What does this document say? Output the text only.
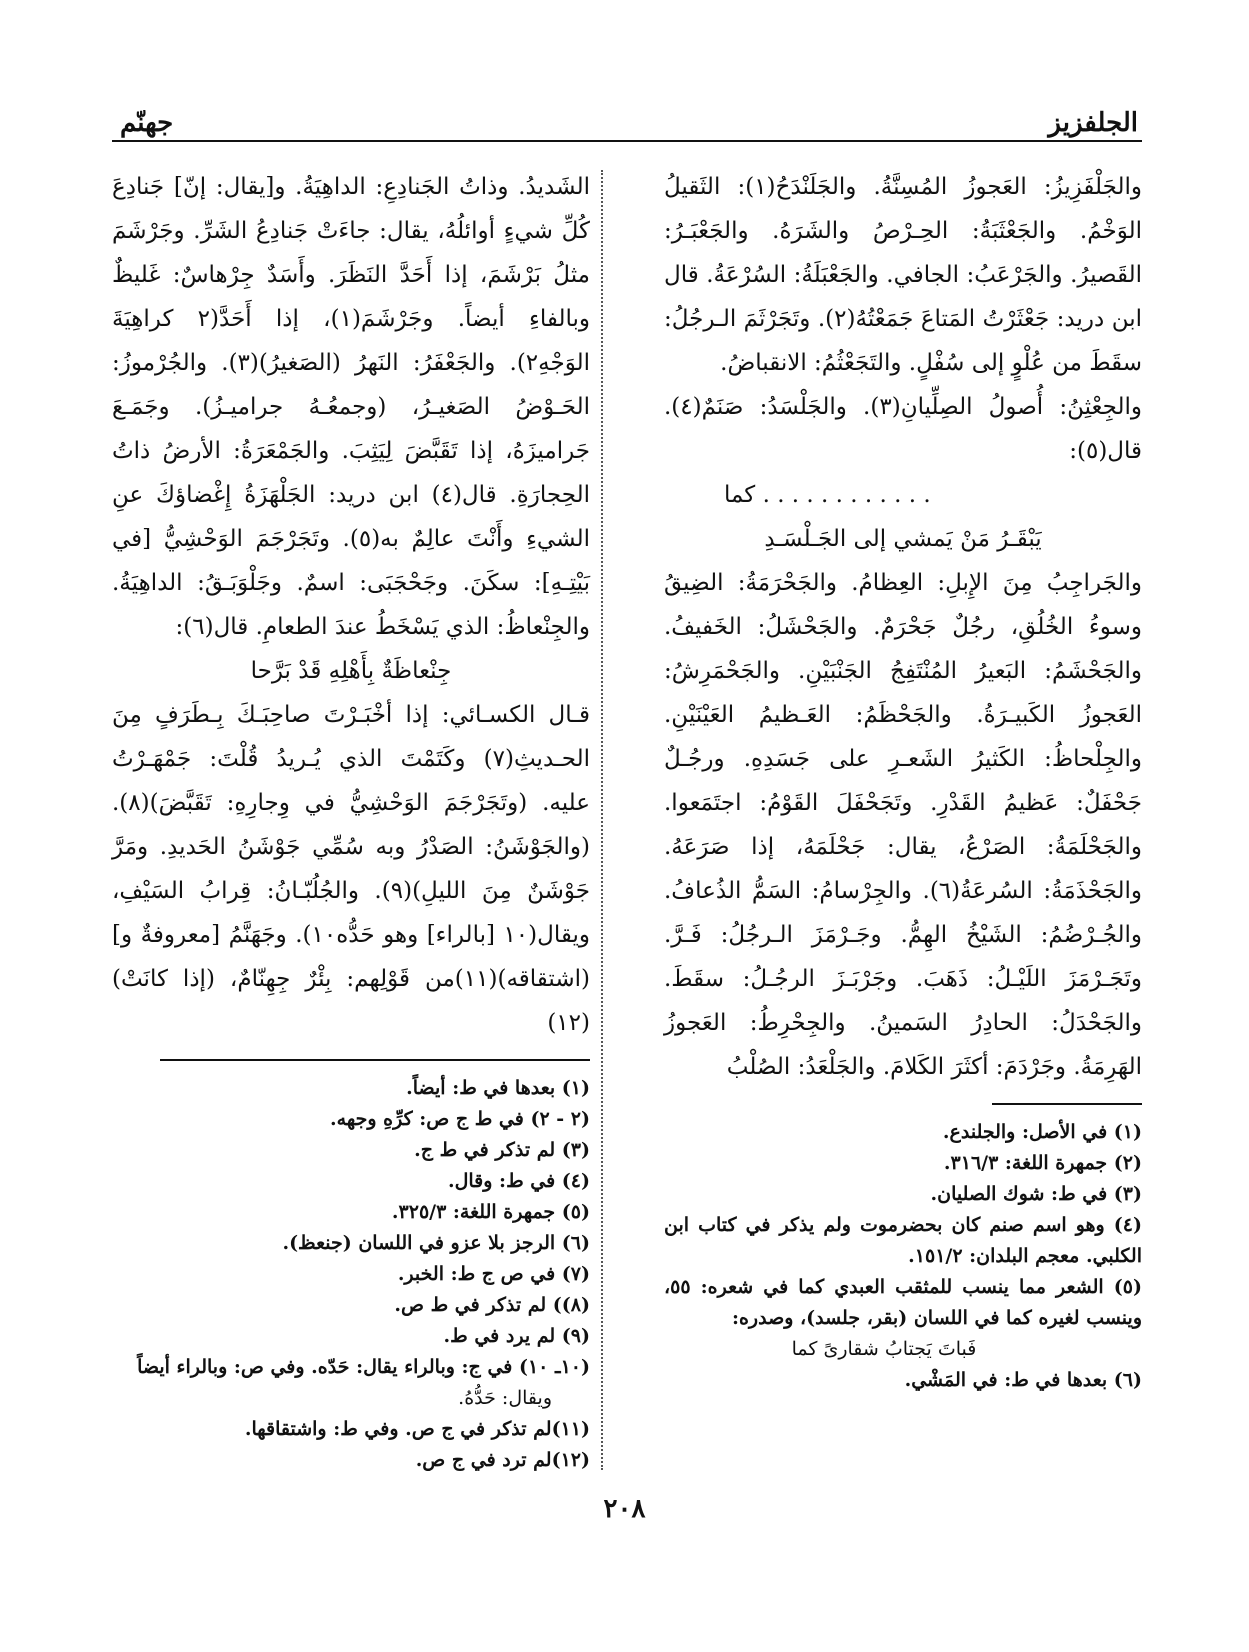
الجلفزيز
جهنّم

والجَلْفَزِيزُ: العَجوزُ المُسِنَّةُ. والجَلَنْدَحُ(١): الثَقيلُ الوَخْمُ. والجَعْثَبَةُ: الحِـرْصُ والشَرَهُ. والجَعْبَـرُ: القَصيرُ. والجَرْعَبُ: الجافي. والجَعْبَلَةُ: السُرْعَةُ. قال ابن دريد: جَعْثَرْتُ المَتاعَ جَمَعْتُهُ(٢). وتَجَرْثَمَ الـرجُلُ: سقَطَ من عُلْوٍ إلى سُفْلٍ. والتَجَعْثُمُ: الانقباضُ.

والجِعْثِنُ: أُصولُ الصِلِّيانِ(٣). والجَلْسَدُ: صَنَمٌ(٤). قال(٥):

. . . . . . . . . . . . كما
يَبْقَـرُ مَنْ يَمشي إلى الجَـلْسَـدِ

والجَراجِبُ مِنَ الإِبلِ: العِظامُ. والجَحْرَمَةُ: الضِيقُ وسوءُ الخُلُقِ، رجُلٌ جَحْرَمٌ. والجَحْشَلُ: الخَفيفُ. والجَحْشَمُ: البَعيرُ المُنْتَفِجُ الجَنْبَيْنِ. والجَحْمَرِشُ: العَجوزُ الكَبيـرَةُ. والجَحْظَمُ: العَـظيمُ العَيْنَيْنِ. والجِلْحاظُ: الكَثيرُ الشَعـرِ على جَسَدِهِ. ورجُـلٌ جَحْفَلٌ: عَظيمُ القَدْرِ. وتَجَحْفَلَ القَوْمُ: اجتَمَعوا. والجَحْلَمَةُ: الصَرْعُ، يقال: جَحْلَمَهُ، إذا صَرَعَهُ. والجَحْذَمَةُ: السُرعَةُ(٦). والجِرْسامُ: السَمُّ الذُعافُ. والجُـرْضُمُ: الشَيْخُ الهِمُّ. وجَـرْمَزَ الـرجُلُ: فَـرَّ. وتَجَـرْمَزَ اللَيْـلُ: ذَهَبَ. وجَرْبَـزَ الرجُـلُ: سقَطَ. والجَحْدَلُ: الحادِرُ السَمينُ. والجِحْرِطُ: العَجوزُ الهَرِمَةُ. وجَرْدَمَ: أكثَرَ الكَلامَ. والجَلْعَدُ: الصُلْبُ

(١) في الأصل: والجلندع.

(٢) جمهرة اللغة: ٣١٦/٣.

(٣) في ط: شوك الصليان.

(٤) وهو اسم صنم كان بحضرموت ولم يذكر في كتاب ابن الكلبي. معجم البلدان: ١٥١/٢.

(٥) الشعر مما ينسب للمثقب العبدي كما في شعره: ٥٥، وينسب لغيره كما في اللسان (بقر، جلسد)، وصدره:

فَباتَ يَجتابُ شقارىً كما

(٦) بعدها في ط: في المَشْي.

الشَديدُ. وذاتُ الجَنادِعِ: الداهِيَةُ. و[يقال: إنّ] جَنادِعَ كُلِّ شيءٍ أوائلُهُ، يقال: جاءَتْ جَنادِعُ الشَرِّ. وجَرْشَمَ مثلُ بَرْشَمَ، إذا أَحَدَّ النَظَرَ. وأَسَدٌ جِرْهاسٌ: غَليظٌ وبالفاءِ أيضاً. وجَرْشَمَ(١)، إذا أَحَدَّ(٢ كراهِيَةَ الوَجْهِ٢). والجَعْفَرُ: النَهرُ (الصَغيرُ)(٣). والجُرْموزُ: الحَـوْضُ الصَغيـرُ، (وجمعُـهُ جراميـزُ). وجَمَـعَ جَراميزَهُ، إذا تَقَبَّضَ لِيَثِبَ. والجَمْعَرَةُ: الأرضُ ذاتُ الحِجارَةِ. قال(٤) ابن دريد: الجَلْهَزَةُ إِغْضاؤكَ عنِ الشيءِ وأَنْتَ عالِمٌ به(٥). وتَجَرْجَمَ الوَحْشِيُّ [في بَيْتِـهِ]: سكَنَ. وجَحْجَبَى: اسمٌ. وجَلْوَبَـقُ: الداهِيَةُ. والجِنْعاظُ: الذي يَسْخَطُ عندَ الطعامِ. قال(٦):

جِنْعاظَةٌ بِأَهْلِهِ قَدْ بَرَّحا

قـال الكسـائي: إذا أخْبَـرْتَ صاحِبَـكَ بِـطَرَفٍ مِنَ الحـديثِ(٧) وكَتَمْتَ الذي يُـريدُ قُلْتَ: جَمْهَـرْتُ عليه. (وتَجَرْجَمَ الوَحْشِيُّ في وِجارِهِ: تَقَبَّضَ)(٨). (والجَوْشَنُ: الصَدْرُ وبه سُمِّي جَوْشَنُ الحَديدِ. ومَرَّ جَوْشَنٌ مِنَ الليلِ)(٩). والجُلُبّـانُ: قِرابُ السَيْفِ، ويقال(١٠ [بالراء] وهو حَدُّه١٠). وجَهَنَّمُ [معروفةٌ و] (اشتقاقه)(١١)من قَوْلِهم: بِئْرٌ جِهِنّامٌ، (إذا كانَتْ)(١٢)

(١) بعدها في ط: أيضاً.

(٢ - ٢) في ط ج ص: كرِّهِ وجهه.

(٣) لم تذكر في ط ج.

(٤) في ط: وقال.

(٥) جمهرة اللغة: ٣٢٥/٣.

(٦) الرجز بلا عزو في اللسان (جنعظ).

(٧) في ص ج ط: الخبر.

(٨)) لم تذكر في ط ص.

(٩) لم يرد في ط.

(١٠ـ ١٠) في ج: وبالراء يقال: حَدّه. وفي ص: وبالراء أيضاً

ويقال: حَدُّهُ.

(١١)لم تذكر في ج ص. وفي ط: واشتقاقها.

(١٢)لم ترد في ج ص.

٢٠٨
